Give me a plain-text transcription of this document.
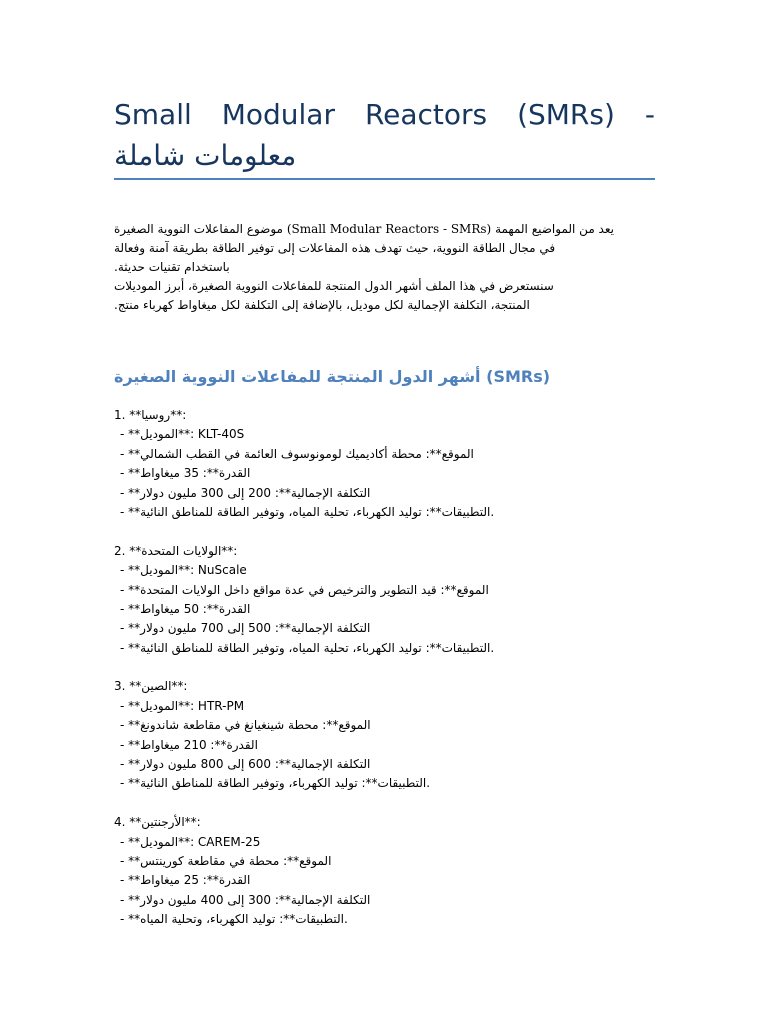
Small Modular Reactors (SMRs) -
معلومات شاملة
موضوع المفاعلات النووية الصغيرة (Small Modular Reactors - SMRs) يعد من المواضيع المهمة
في مجال الطاقة النووية، حيث تهدف هذه المفاعلات إلى توفير الطاقة بطريقة آمنة وفعالة
.باستخدام تقنيات حديثة
سنستعرض في هذا الملف أشهر الدول المنتجة للمفاعلات النووية الصغيرة، أبرز الموديلات
.المنتجة، التكلفة الإجمالية لكل موديل، بالإضافة إلى التكلفة لكل ميغاواط كهرباء منتج
أشهر الدول المنتجة للمفاعلات النووية الصغيرة (SMRs)
1. **روسيا**:
- **الموديل**: KLT-40S
- **الموقع**: محطة أكاديميك لومونوسوف العائمة في القطب الشمالي
- **القدرة**: 35 ميغاواط
- **التكلفة الإجمالية**: 200 إلى 300 مليون دولار
- **التطبيقات**: توليد الكهرباء، تحلية المياه، وتوفير الطاقة للمناطق النائية.
2. **الولايات المتحدة**:
- **الموديل**: NuScale
- **الموقع**: قيد التطوير والترخيص في عدة مواقع داخل الولايات المتحدة
- **القدرة**: 50 ميغاواط
- **التكلفة الإجمالية**: 500 إلى 700 مليون دولار
- **التطبيقات**: توليد الكهرباء، تحلية المياه، وتوفير الطاقة للمناطق النائية.
3. **الصين**:
- **الموديل**: HTR-PM
- **الموقع**: محطة شينغيانغ في مقاطعة شاندونغ
- **القدرة**: 210 ميغاواط
- **التكلفة الإجمالية**: 600 إلى 800 مليون دولار
- **التطبيقات**: توليد الكهرباء، وتوفير الطاقة للمناطق النائية.
4. **الأرجنتين**:
- **الموديل**: CAREM-25
- **الموقع**: محطة في مقاطعة كورينتس
- **القدرة**: 25 ميغاواط
- **التكلفة الإجمالية**: 300 إلى 400 مليون دولار
- **التطبيقات**: توليد الكهرباء، وتحلية المياه.
